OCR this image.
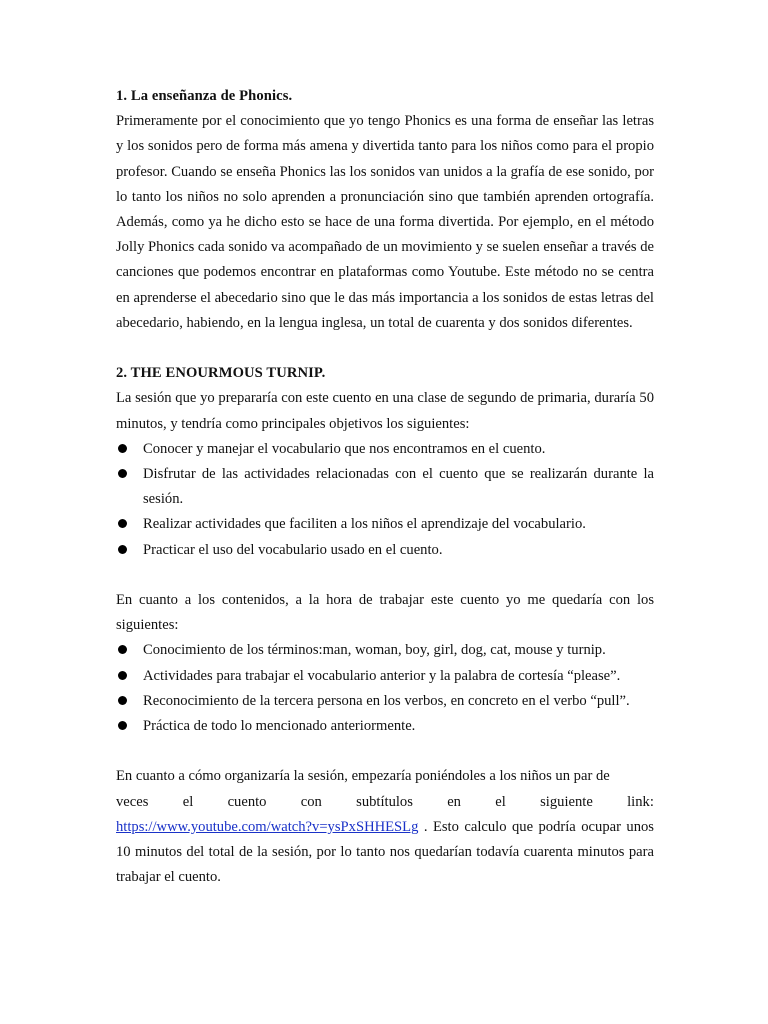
1. La enseñanza de Phonics.

Primeramente por el conocimiento que yo tengo Phonics es una forma de enseñar las letras y los sonidos pero de forma más amena y divertida tanto para los niños como para el propio profesor. Cuando se enseña Phonics las los sonidos van unidos a la grafía de ese sonido, por lo tanto los niños no solo aprenden a pronunciación sino que también aprenden ortografía. Además, como ya he dicho esto se hace de una forma divertida. Por ejemplo, en el método Jolly Phonics cada sonido va acompañado de un movimiento y se suelen enseñar a través de canciones que podemos encontrar en plataformas como Youtube. Este método no se centra en aprenderse el abecedario sino que le das más importancia a los sonidos de estas letras del abecedario, habiendo, en la lengua inglesa, un total de cuarenta y dos sonidos diferentes.

2. THE ENOURMOUS TURNIP.

La sesión que yo prepararía con este cuento en una clase de segundo de primaria, duraría 50 minutos, y tendría como principales objetivos los siguientes:

Conocer y manejar el vocabulario que nos encontramos en el cuento.
Disfrutar de las actividades relacionadas con el cuento que se realizarán durante la sesión.
Realizar actividades que faciliten a los niños el aprendizaje del vocabulario.
Practicar el uso del vocabulario usado en el cuento.

En cuanto a los contenidos, a la hora de trabajar este cuento yo me quedaría con los siguientes:

Conocimiento de los términos:man, woman, boy, girl, dog, cat, mouse y turnip.
Actividades para trabajar el vocabulario anterior y la palabra de cortesía “please”.
Reconocimiento de la tercera persona en los verbos, en concreto en el verbo “pull”.
Práctica de todo lo mencionado anteriormente.

En cuanto a cómo organizaría la sesión, empezaría poniéndoles a los niños un par de

veces el cuento con subtítulos en el siguiente link:

https://www.youtube.com/watch?v=ysPxSHHESLg . Esto calculo que podría ocupar unos 10 minutos del total de la sesión, por lo tanto nos quedarían todavía cuarenta minutos para trabajar el cuento.
